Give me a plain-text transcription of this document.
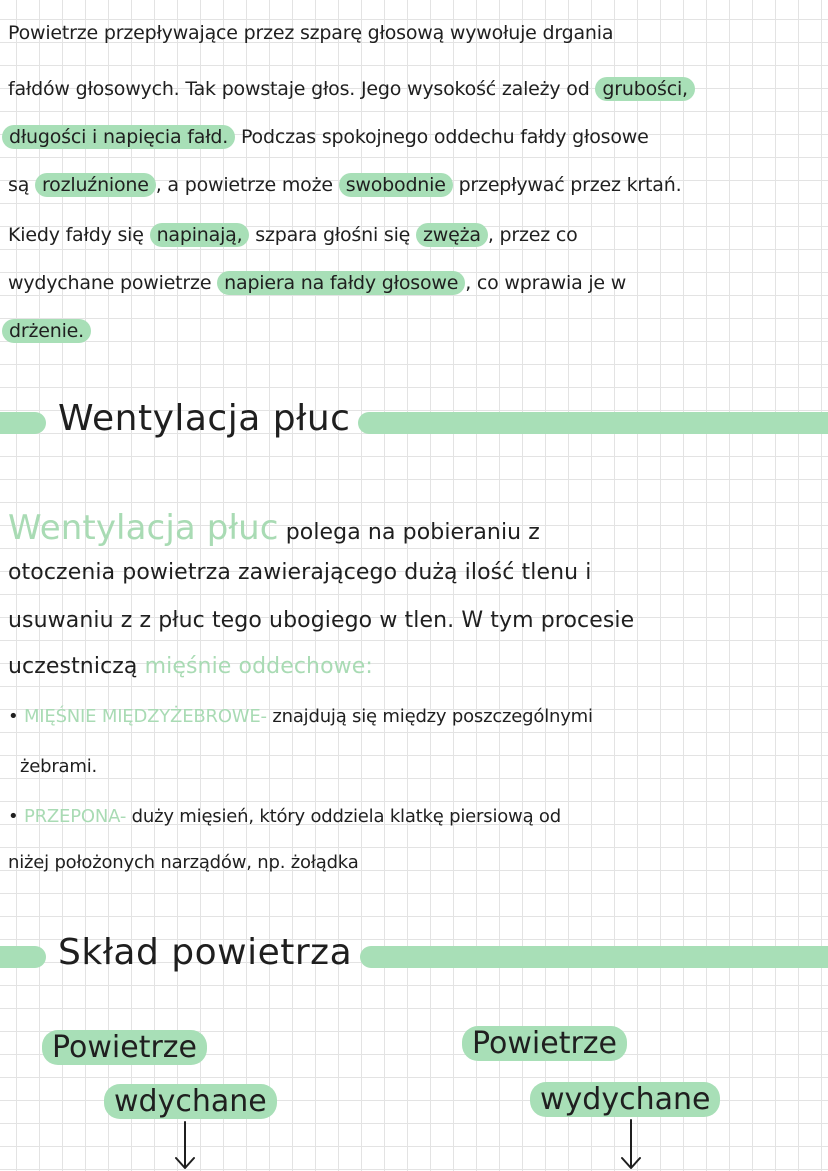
Powietrze przepływające przez szparę głosową wywołuje drgania
fałdów głosowych. Tak powstaje głos. Jego wysokość zależy od grubości,
długości i napięcia fałd. Podczas spokojnego oddechu fałdy głosowe
są rozluźnione , a powietrze może swobodnie przepływać przez krtań.
Kiedy fałdy się napinają, szpara głośni się zwęża , przez co
wydychane powietrze napiera na fałdy głosowe , co wprawia je w
drżenie.
Wentylacja płuc
Wentylacja płuc polega na pobieraniu z
otoczenia powietrza zawierającego dużą ilość tlenu i
usuwaniu z z płuc tego ubogiego w tlen. W tym procesie
uczestniczą mięśnie oddechowe:
• MIĘŚNIE MIĘDZYŻEBROWE- znajdują się między poszczególnymi
żebrami.
• PRZEPONA- duży mięsień, który oddziela klatkę piersiową od
niżej położonych narządów, np. żołądka
Skład powietrza
Powietrze
wdychane
Powietrze
wydychane
